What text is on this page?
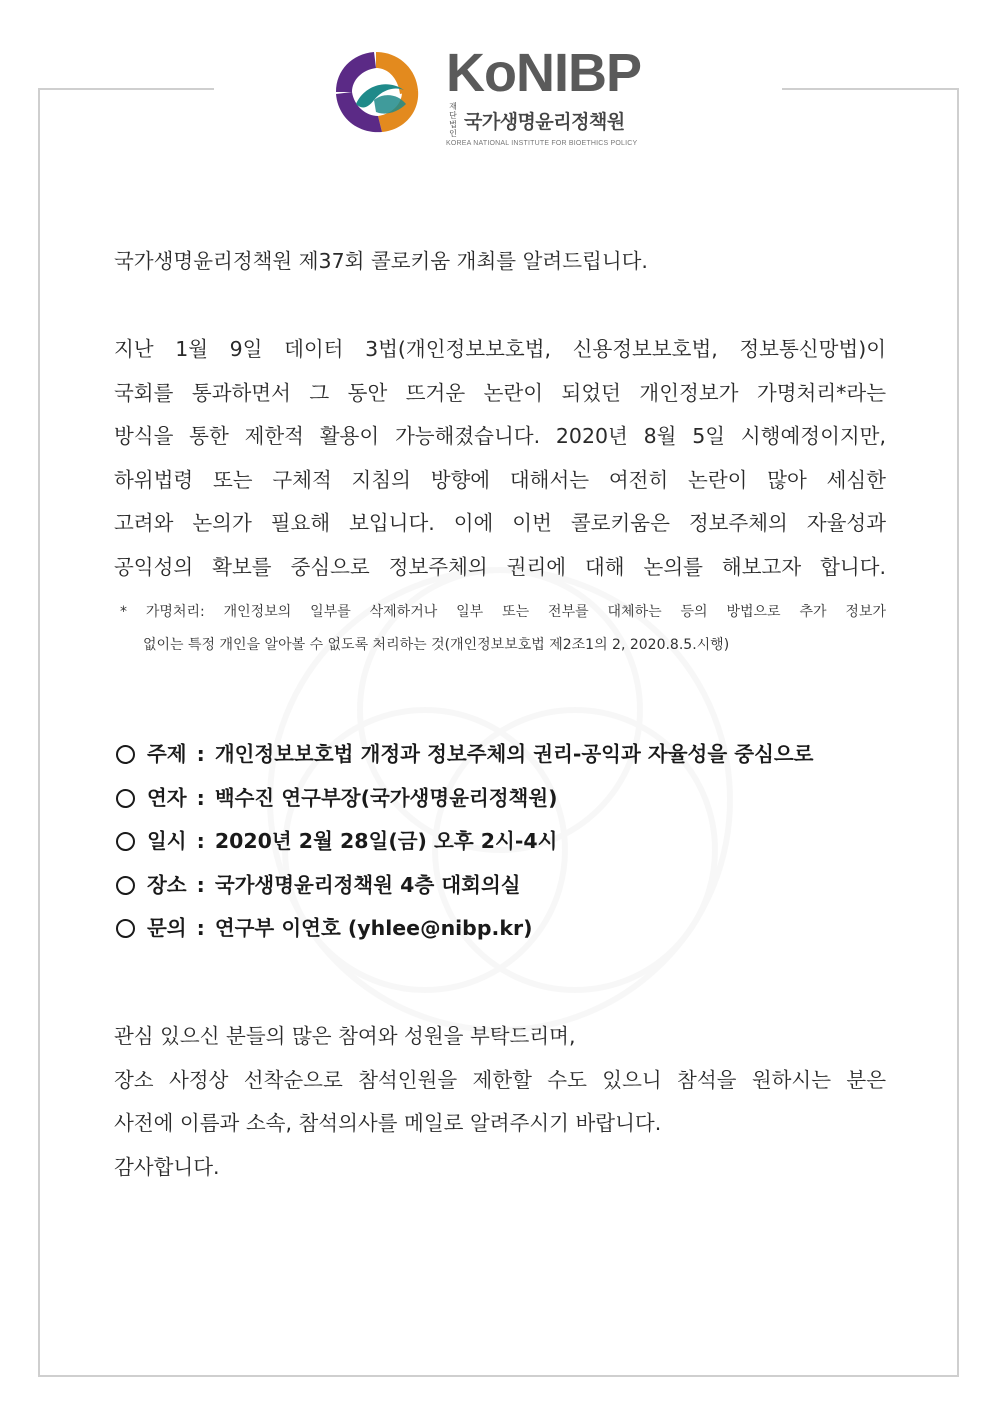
KoNIBP
재단법인
국가생명윤리정책원
KOREA NATIONAL INSTITUTE FOR BIOETHICS POLICY

국가생명윤리정책원 제37회 콜로키움 개최를 알려드립니다.

지난 1월 9일 데이터 3법(개인정보보호법, 신용정보보호법, 정보통신망법)이

국회를 통과하면서 그 동안 뜨거운 논란이 되었던 개인정보가 가명처리*라는

방식을 통한 제한적 활용이 가능해졌습니다. 2020년 8월 5일 시행예정이지만,

하위법령 또는 구체적 지침의 방향에 대해서는 여전히 논란이 많아 세심한

고려와 논의가 필요해 보입니다. 이에 이번 콜로키움은 정보주체의 자율성과

공익성의 확보를 중심으로 정보주체의 권리에 대해 논의를 해보고자 합니다.

* 가명처리: 개인정보의 일부를 삭제하거나 일부 또는 전부를 대체하는 등의 방법으로 추가 정보가
없이는 특정 개인을 알아볼 수 없도록 처리하는 것(개인정보보호법 제2조1의 2, 2020.8.5.시행)
주제 : 개인정보보호법 개정과 정보주체의 권리-공익과 자율성을 중심으로
연자 : 백수진 연구부장(국가생명윤리정책원)
일시 : 2020년 2월 28일(금) 오후 2시-4시
장소 : 국가생명윤리정책원 4층 대회의실
문의 : 연구부 이연호 (yhlee@nibp.kr)

관심 있으신 분들의 많은 참여와 성원을 부탁드리며,

장소 사정상 선착순으로 참석인원을 제한할 수도 있으니 참석을 원하시는 분은

사전에 이름과 소속, 참석의사를 메일로 알려주시기 바랍니다.

감사합니다.
